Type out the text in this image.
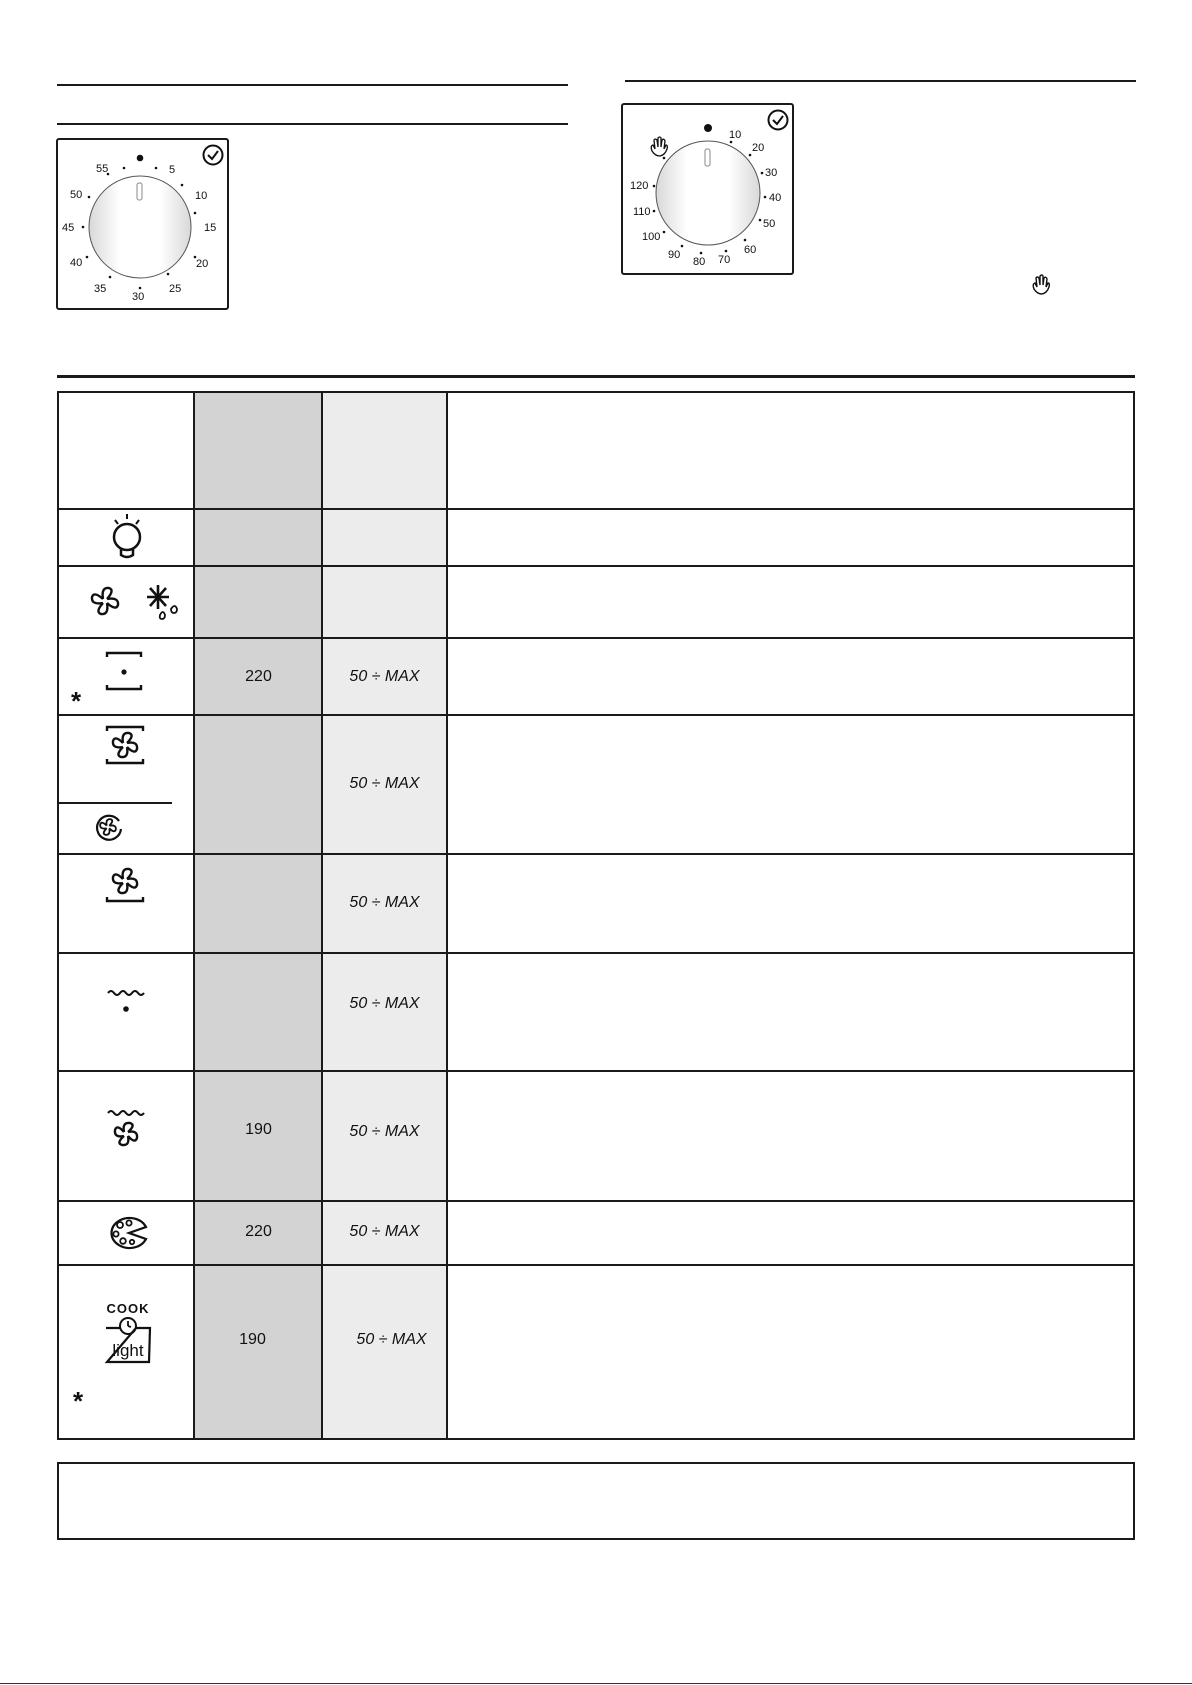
55	5
10
15
20
25
30
35
40
45
50
10
20
30
40
50
60
70
80
90
100
110
120
*
220	50 ÷ MAX
50 ÷ MAX
50 ÷ MAX
50 ÷ MAX
190	50 ÷ MAX
220	50 ÷ MAX
COOK
light
*
190	50 ÷ MAX
